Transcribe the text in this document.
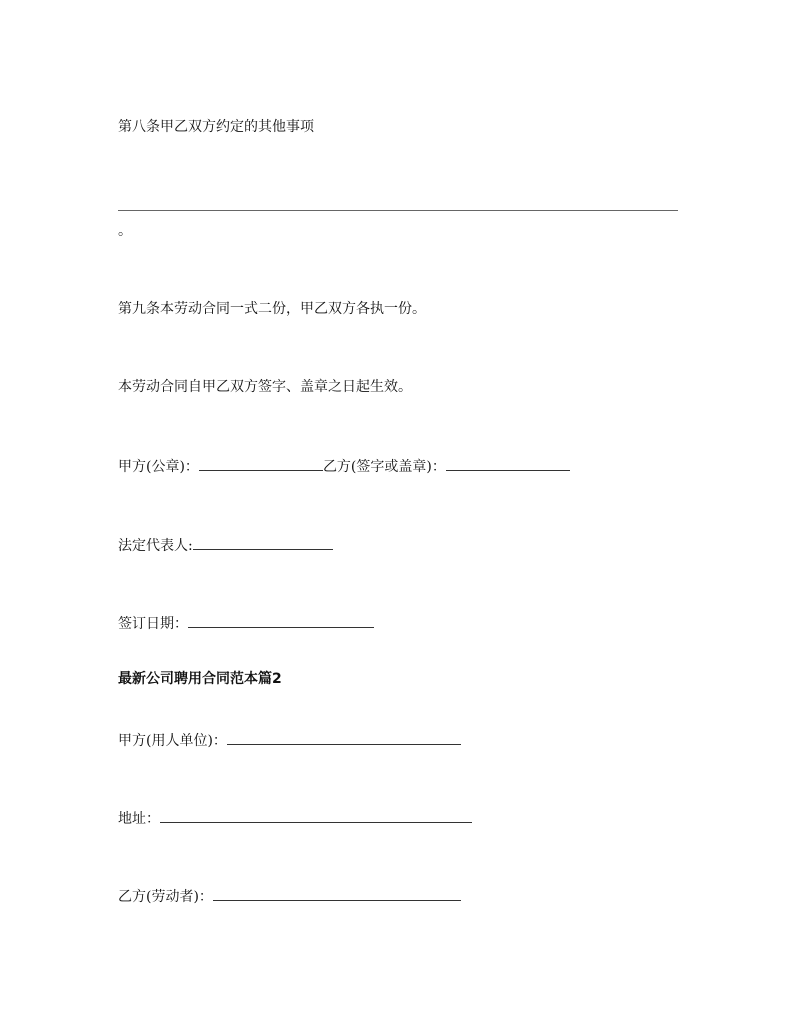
第八条甲乙双方约定的其他事项
。
第九条本劳动合同一式二份，甲乙双方各执一份。
本劳动合同自甲乙双方签字、盖章之日起生效。
甲方(公章)：	乙方(签字或盖章)：
法定代表人:
签订日期：
最新公司聘用合同范本篇2
甲方(用人单位)：
地址：
乙方(劳动者)：
